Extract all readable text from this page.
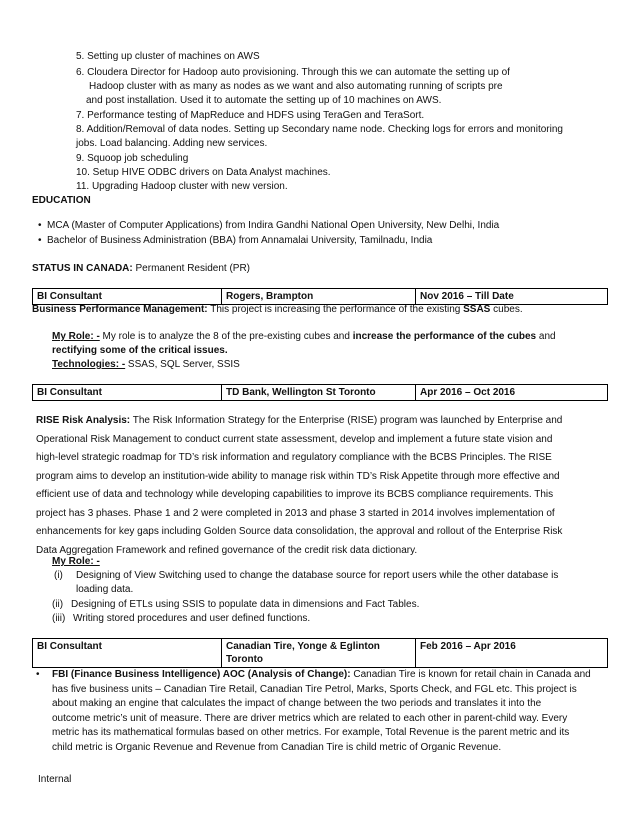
5. Setting up cluster of machines on AWS
6. Cloudera Director for Hadoop auto provisioning. Through this we can automate the setting up of
Hadoop cluster with as many as nodes as we want and also automating running of scripts pre
and post installation. Used it to automate the setting up of 10 machines on AWS.
7. Performance testing of MapReduce and HDFS using TeraGen and TeraSort.
8. Addition/Removal of data nodes. Setting up Secondary name node. Checking logs for errors and monitoring
jobs. Load balancing. Adding new services.
9. Squoop job scheduling
10. Setup HIVE ODBC drivers on Data Analyst machines.
11. Upgrading Hadoop cluster with new version.
EDUCATION
• MCA (Master of Computer Applications) from Indira Gandhi National Open University, New Delhi, India
• Bachelor of Business Administration (BBA) from Annamalai University, Tamilnadu, India
STATUS IN CANADA: Permanent Resident (PR)
BI Consultant	Rogers, Brampton	Nov 2016 – Till Date
Business Performance Management: This project is increasing the performance of the existing SSAS cubes.
My Role: - My role is to analyze the 8 of the pre-existing cubes and increase the performance of the cubes and
rectifying some of the critical issues.
Technologies: - SSAS, SQL Server, SSIS
BI Consultant	TD Bank, Wellington St Toronto	Apr 2016 – Oct 2016
RISE Risk Analysis: The Risk Information Strategy for the Enterprise (RISE) program was launched by Enterprise and
Operational Risk Management to conduct current state assessment, develop and implement a future state vision and
high-level strategic roadmap for TD’s risk information and regulatory compliance with the BCBS Principles. The RISE
program aims to develop an institution-wide ability to manage risk within TD’s Risk Appetite through more effective and
efficient use of data and technology while developing capabilities to improve its BCBS compliance requirements. This
project has 3 phases. Phase 1 and 2 were completed in 2013 and phase 3 started in 2014 involves implementation of
enhancements for key gaps including Golden Source data consolidation, the approval and rollout of the Enterprise Risk
Data Aggregation Framework and refined governance of the credit risk data dictionary.
My Role: -
(i) Designing of View Switching used to change the database source for report users while the other database is
loading data.
(ii) Designing of ETLs using SSIS to populate data in dimensions and Fact Tables.
(iii) Writing stored procedures and user defined functions.
BI Consultant	Canadian Tire, Yonge & Eglinton
Toronto
	Feb 2016 – Apr 2016
• FBI (Finance Business Intelligence) AOC (Analysis of Change): Canadian Tire is known for retail chain in Canada and
has five business units – Canadian Tire Retail, Canadian Tire Petrol, Marks, Sports Check, and FGL etc. This project is
about making an engine that calculates the impact of change between the two periods and translates it into the
outcome metric’s unit of measure. There are driver metrics which are related to each other in parent-child way. Every
metric has its mathematical formulas based on other metrics. For example, Total Revenue is the parent metric and its
child metric is Organic Revenue and Revenue from Canadian Tire is child metric of Organic Revenue.
Internal
